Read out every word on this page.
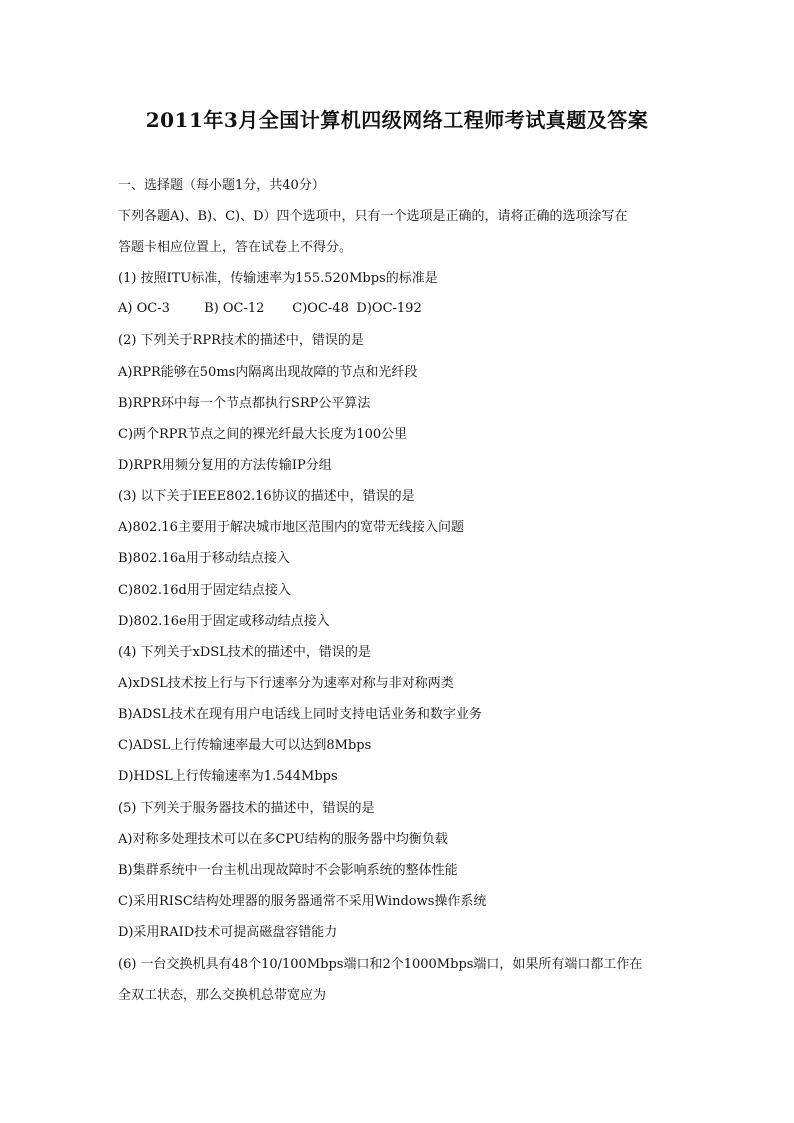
2011年3月全国计算机四级网络工程师考试真题及答案

一、选择题（每小题1分，共40分）

下列各题A)、B)、C)、D）四个选项中，只有一个选项是正确的，请将正确的选项涂写在

答题卡相应位置上，答在试卷上不得分。

(1) 按照ITU标准，传输速率为155.520Mbps的标准是

A) OC-3	B) OC-12 C)OC-48 D)OC-192

(2) 下列关于RPR技术的描述中，错误的是

A)RPR能够在50ms内隔离出现故障的节点和光纤段

B)RPR环中每一个节点都执行SRP公平算法

C)两个RPR节点之间的裸光纤最大长度为100公里

D)RPR用频分复用的方法传输IP分组

(3) 以下关于IEEE802.16协议的描述中，错误的是

A)802.16主要用于解决城市地区范围内的宽带无线接入问题

B)802.16a用于移动结点接入

C)802.16d用于固定结点接入

D)802.16e用于固定或移动结点接入

(4) 下列关于xDSL技术的描述中，错误的是

A)xDSL技术按上行与下行速率分为速率对称与非对称两类

B)ADSL技术在现有用户电话线上同时支持电话业务和数字业务

C)ADSL上行传输速率最大可以达到8Mbps

D)HDSL上行传输速率为1.544Mbps

(5) 下列关于服务器技术的描述中，错误的是

A)对称多处理技术可以在多CPU结构的服务器中均衡负载

B)集群系统中一台主机出现故障时不会影响系统的整体性能

C)采用RISC结构处理器的服务器通常不采用Windows操作系统

D)采用RAID技术可提高磁盘容错能力

(6) 一台交换机具有48个10/100Mbps端口和2个1000Mbps端口，如果所有端口都工作在

全双工状态，那么交换机总带宽应为
